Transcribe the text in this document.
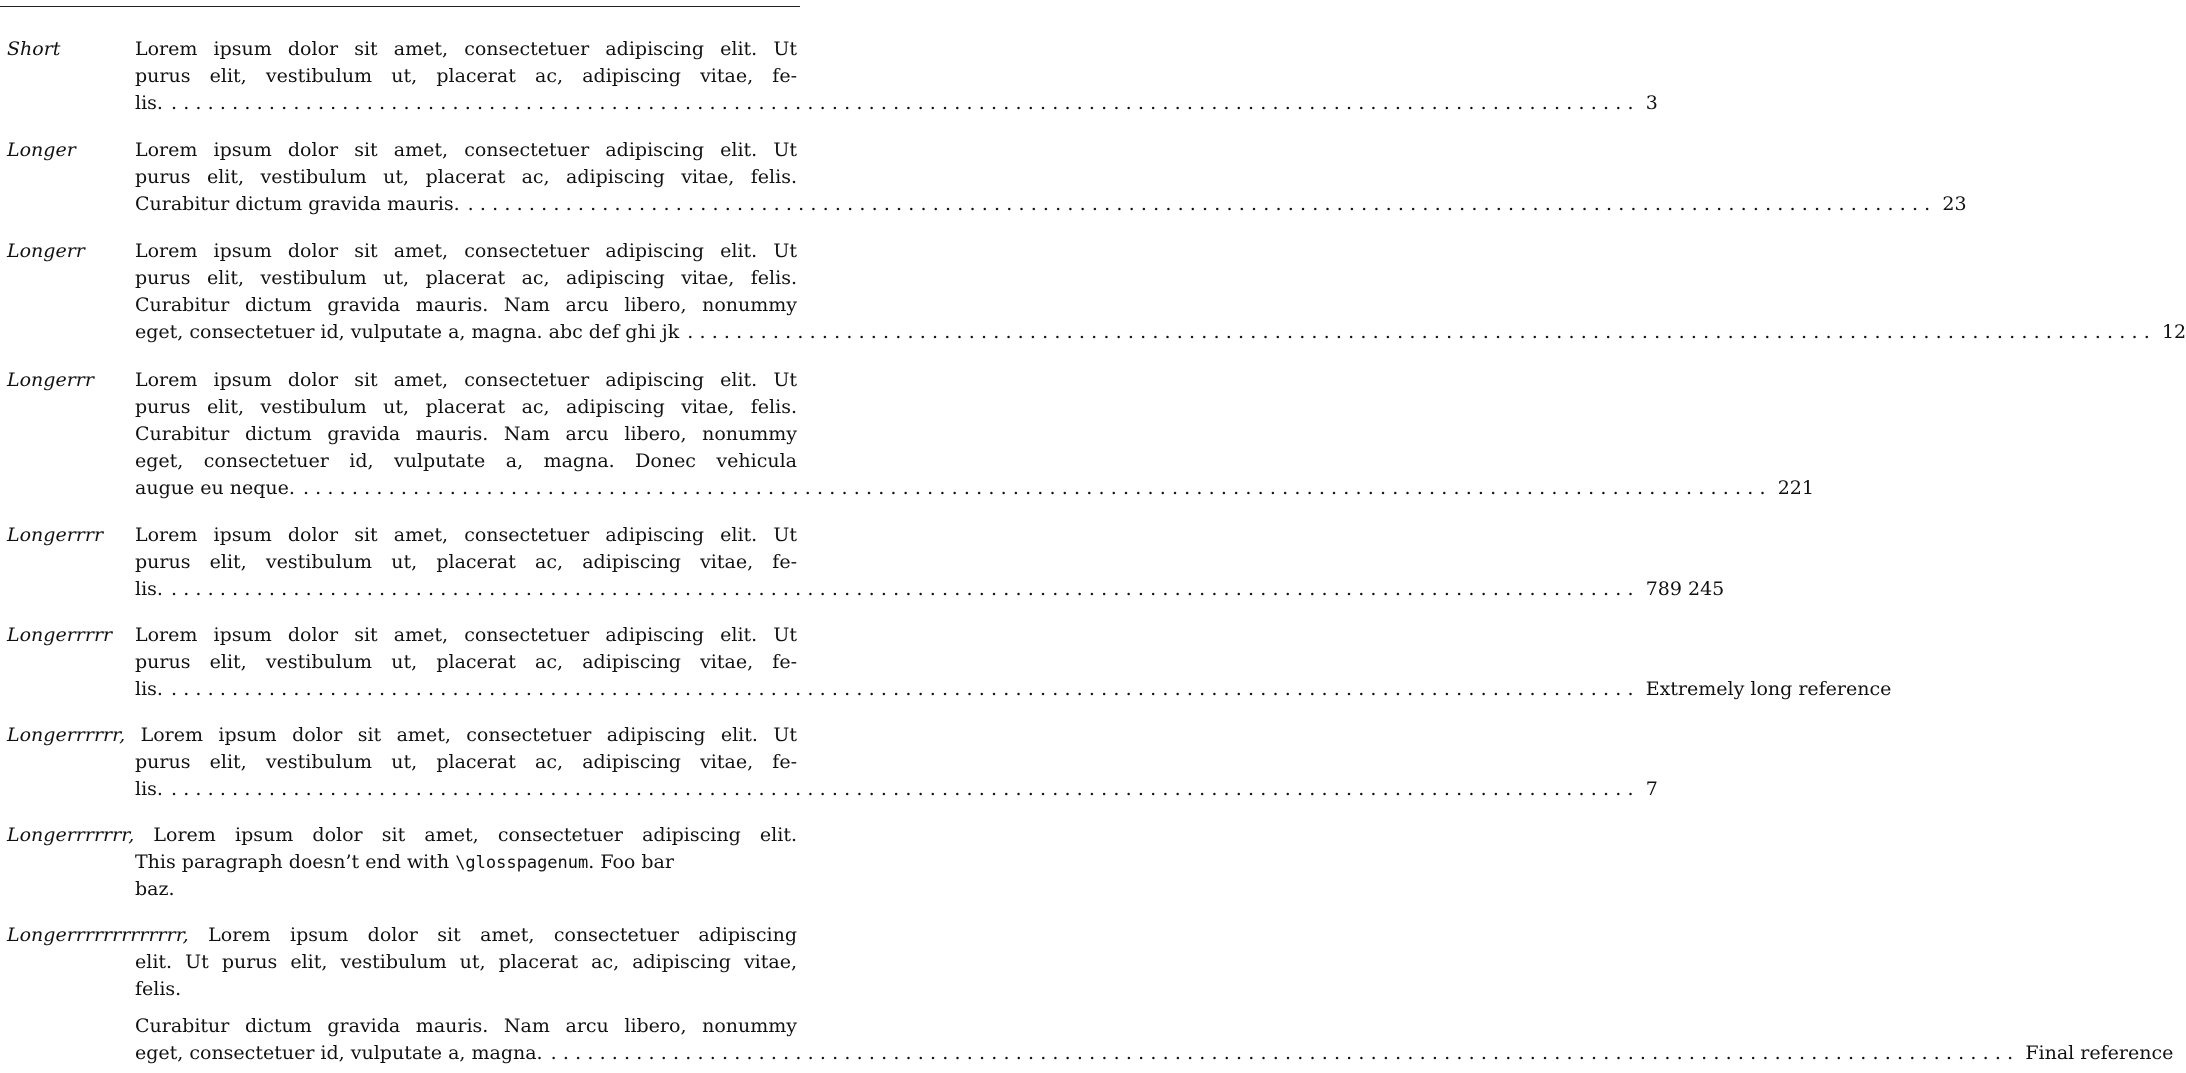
Short	Lorem ipsum dolor sit amet, consectetuer adipiscing elit. Ut
purus elit, vestibulum ut, placerat ac, adipiscing vitae, fe-
lis. ........................................................................................................................ 3
Longer	Lorem ipsum dolor sit amet, consectetuer adipiscing elit. Ut
purus elit, vestibulum ut, placerat ac, adipiscing vitae, felis.
Curabitur dictum gravida mauris. ........................................................................................................................ 23
Longerr	Lorem ipsum dolor sit amet, consectetuer adipiscing elit. Ut
purus elit, vestibulum ut, placerat ac, adipiscing vitae, felis.
Curabitur dictum gravida mauris. Nam arcu libero, nonummy
eget, consectetuer id, vulputate a, magna. abc def ghi jk ........................................................................................................................ 12
Longerrr Lorem ipsum dolor sit amet, consectetuer adipiscing elit. Ut
purus elit, vestibulum ut, placerat ac, adipiscing vitae, felis.
Curabitur dictum gravida mauris. Nam arcu libero, nonummy
eget, consectetuer id, vulputate a, magna. Donec vehicula
augue eu neque. ........................................................................................................................ 221
Longerrrr Lorem ipsum dolor sit amet, consectetuer adipiscing elit. Ut
purus elit, vestibulum ut, placerat ac, adipiscing vitae, fe-
lis. ........................................................................................................................ 789 245
Longerrrrr Lorem ipsum dolor sit amet, consectetuer adipiscing elit. Ut
purus elit, vestibulum ut, placerat ac, adipiscing vitae, fe-
lis. ........................................................................................................................ Extremely long reference
Longerrrrrr, Lorem ipsum dolor sit amet, consectetuer adipiscing elit. Ut
purus elit, vestibulum ut, placerat ac, adipiscing vitae, fe-
lis. ........................................................................................................................ 7
Longerrrrrrr, Lorem ipsum dolor sit amet, consectetuer adipiscing elit.
This paragraph doesn’t end with \glosspagenum. Foo bar
baz.
Longerrrrrrrrrrrrr, Lorem ipsum dolor sit amet, consectetuer adipiscing
elit. Ut purus elit, vestibulum ut, placerat ac, adipiscing vitae,
felis.
Curabitur dictum gravida mauris. Nam arcu libero, nonummy
eget, consectetuer id, vulputate a, magna. ........................................................................................................................ Final reference
